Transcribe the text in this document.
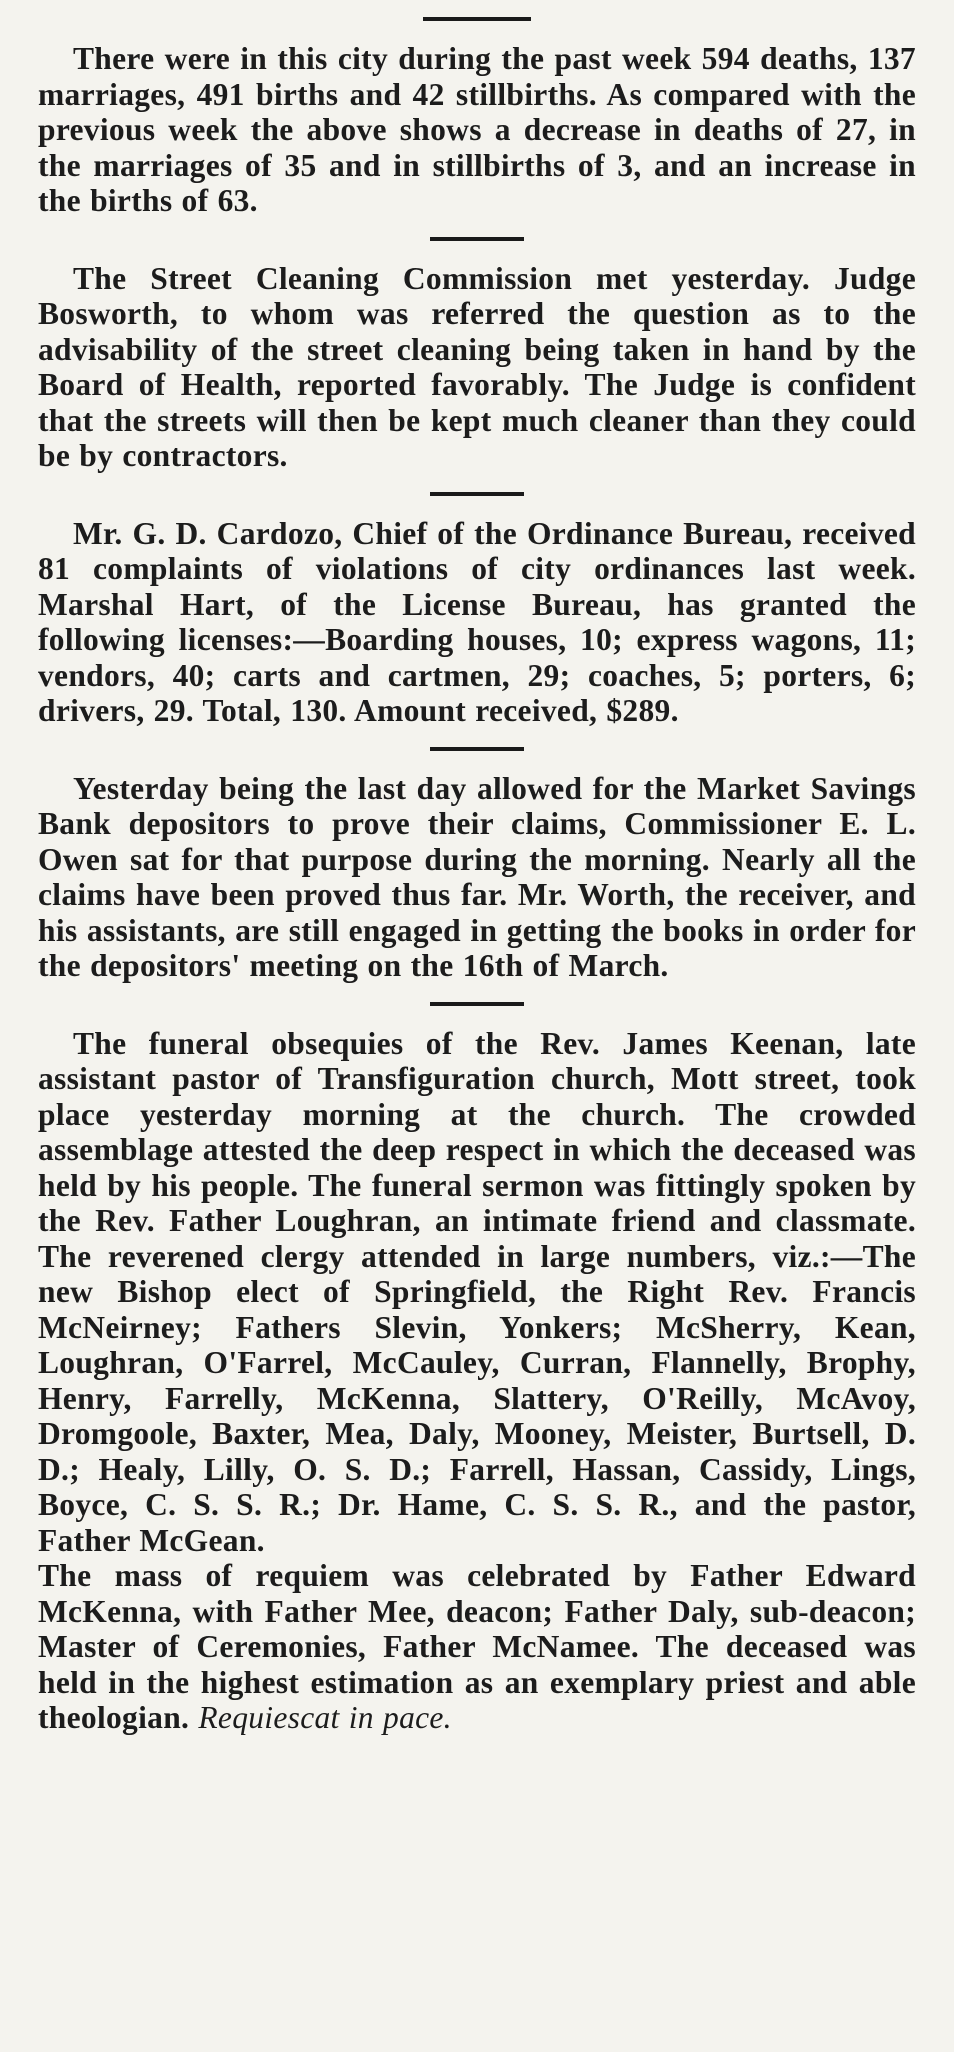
There were in this city during the past week 594 deaths, 137 marriages, 491 births and 42 stillbirths. As compared with the previous week the above shows a decrease in deaths of 27, in the marriages of 35 and in stillbirths of 3, and an increase in the births of 63.

The Street Cleaning Commission met yesterday. Judge Bosworth, to whom was referred the question as to the advisability of the street cleaning being taken in hand by the Board of Health, reported favorably. The Judge is confident that the streets will then be kept much cleaner than they could be by contractors.

Mr. G. D. Cardozo, Chief of the Ordinance Bureau, received 81 complaints of violations of city ordinances last week. Marshal Hart, of the License Bureau, has granted the following licenses:—Boarding houses, 10; express wagons, 11; vendors, 40; carts and cartmen, 29; coaches, 5; porters, 6; drivers, 29. Total, 130. Amount received, $289.

Yesterday being the last day allowed for the Market Savings Bank depositors to prove their claims, Commissioner E. L. Owen sat for that purpose during the morning. Nearly all the claims have been proved thus far. Mr. Worth, the receiver, and his assistants, are still engaged in getting the books in order for the depositors' meeting on the 16th of March.

The funeral obsequies of the Rev. James Keenan, late assistant pastor of Transfiguration church, Mott street, took place yesterday morning at the church. The crowded assemblage attested the deep respect in which the deceased was held by his people. The funeral sermon was fittingly spoken by the Rev. Father Loughran, an intimate friend and classmate. The reverened clergy attended in large numbers, viz.:—The new Bishop elect of Springfield, the Right Rev. Francis McNeirney; Fathers Slevin, Yonkers; McSherry, Kean, Loughran, O'Farrel, McCauley, Curran, Flannelly, Brophy, Henry, Farrelly, McKenna, Slattery, O'Reilly, McAvoy, Dromgoole, Baxter, Mea, Daly, Mooney, Meister, Burtsell, D. D.; Healy, Lilly, O. S. D.; Farrell, Hassan, Cassidy, Lings, Boyce, C. S. S. R.; Dr. Hame, C. S. S. R., and the pastor, Father McGean.

The mass of requiem was celebrated by Father Edward McKenna, with Father Mee, deacon; Father Daly, sub-deacon; Master of Ceremonies, Father McNamee. The deceased was held in the highest estimation as an exemplary priest and able theologian. Requiescat in pace.
